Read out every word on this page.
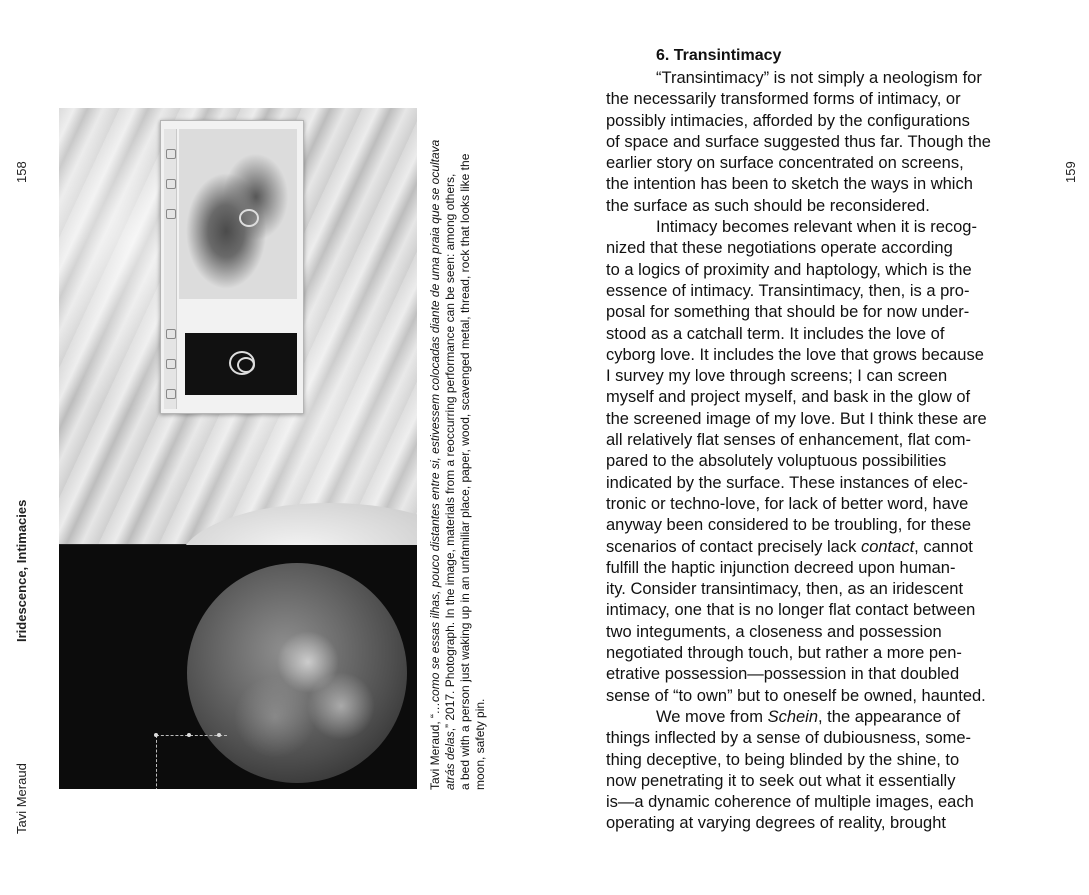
158
Iridescence, Intimacies
Tavi Meraud
Tavi Meraud, “…como se essas ilhas, pouco distantes entre si, estivessem colocadas diante de uma praia que se ocultava
atrás delas,” 2017. Photograph. In the image, materials from a reoccurring performance can be seen: among others, a bed with a person just waking up in an unfamiliar place, paper, wood, scavenged metal, thread, rock that looks like the moon, safety pin.
6. Transintimacy
“Transintimacy” is not simply a neologism for
the necessarily transformed forms of intimacy, or
possibly intimacies, afforded by the configurations
of space and surface suggested thus far. Though the
earlier story on surface concentrated on screens,
the intention has been to sketch the ways in which
the surface as such should be reconsidered.
Intimacy becomes relevant when it is recog-
nized that these negotiations operate according
to a logics of proximity and haptology, which is the
essence of intimacy. Transintimacy, then, is a pro-
posal for something that should be for now under-
stood as a catchall term. It includes the love of
cyborg love. It includes the love that grows because
I survey my love through screens; I can screen
myself and project myself, and bask in the glow of
the screened image of my love. But I think these are
all relatively flat senses of enhancement, flat com-
pared to the absolutely voluptuous possibilities
indicated by the surface. These instances of elec-
tronic or techno-love, for lack of better word, have
anyway been considered to be troubling, for these
scenarios of contact precisely lack contact, cannot
fulfill the haptic injunction decreed upon human-
ity. Consider transintimacy, then, as an iridescent
intimacy, one that is no longer flat contact between
two integuments, a closeness and possession
negotiated through touch, but rather a more pen-
etrative possession—possession in that doubled
sense of “to own” but to oneself be owned, haunted.
We move from Schein, the appearance of
things inflected by a sense of dubiousness, some-
thing deceptive, to being blinded by the shine, to
now penetrating it to seek out what it essentially
is—a dynamic coherence of multiple images, each
operating at varying degrees of reality, brought
159
